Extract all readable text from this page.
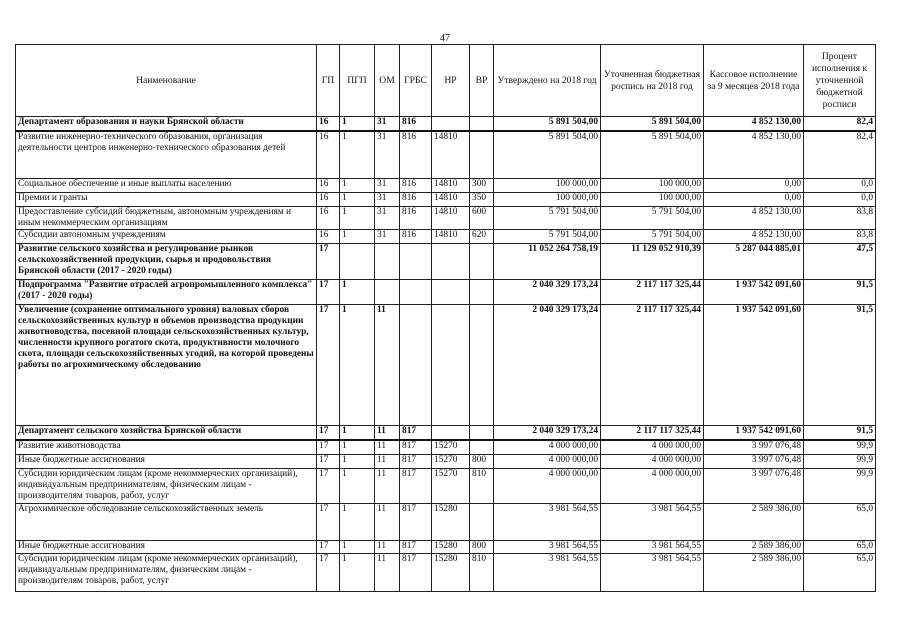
47
Наименование	ГП	ПГП	ОМ	ГРБС	НР	ВР	Утверждено на 2018 год	Уточненная бюджетная роспись на 2018 год	Кассовое исполнение за 9 месяцев 2018 года	Процент исполнения к уточненной бюджетной росписи
Департамент образования и науки Брянской области	16	1	31	816			5 891 504,00	5 891 504,00	4 852 130,00	82,4
Развитие инженерно-технического образования, организация деятельности центров инженерно-технического образования детей	16	1	31	816	14810		5 891 504,00	5 891 504,00	4 852 130,00	82,4
Социальное обеспечение и иные выплаты населению	16	1	31	816	14810	300	100 000,00	100 000,00	0,00	0,0
Премии и гранты	16	1	31	816	14810	350	100 000,00	100 000,00	0,00	0,0
Предоставление субсидий бюджетным, автономным учреждениям и иным некоммерческим организациям	16	1	31	816	14810	600	5 791 504,00	5 791 504,00	4 852 130,00	83,8
Субсидии автономным учреждениям	16	1	31	816	14810	620	5 791 504,00	5 791 504,00	4 852 130,00	83,8
Развитие сельского хозяйства и регулирование рынков сельскохозяйственной продукции, сырья и продовольствия Брянской области (2017 - 2020 годы)	17						11 052 264 758,19	11 129 052 910,39	5 287 044 885,01	47,5
Подпрограмма "Развитие отраслей агропромышленного комплекса" (2017 - 2020 годы)	17	1					2 040 329 173,24	2 117 117 325,44	1 937 542 091,60	91,5
Увеличение (сохранение оптимального уровня) валовых сборов сельскохозяйственных культур и объемов производства продукции животноводства, посевной площади сельскохозяйственных культур, численности крупного рогатого скота, продуктивности молочного скота, площади сельскохозяйственных угодий, на которой проведены работы по агрохимическому обследованию	17	1	11				2 040 329 173,24	2 117 117 325,44	1 937 542 091,60	91,5
Департамент сельского хозяйства Брянской области	17	1	11	817			2 040 329 173,24	2 117 117 325,44	1 937 542 091,60	91,5
Развитие животноводства	17	1	11	817	15270		4 000 000,00	4 000 000,00	3 997 076,48	99,9
Иные бюджетные ассигнования	17	1	11	817	15270	800	4 000 000,00	4 000 000,00	3 997 076,48	99,9
Субсидии юридическим лицам (кроме некоммерческих организаций), индивидуальным предпринимателям, физическим лицам - производителям товаров, работ, услуг	17	1	11	817	15270	810	4 000 000,00	4 000 000,00	3 997 076,48	99,9
Агрохимическое обследование сельскохозяйственных земель	17	1	11	817	15280		3 981 564,55	3 981 564,55	2 589 386,00	65,0
Иные бюджетные ассигнования	17	1	11	817	15280	800	3 981 564,55	3 981 564,55	2 589 386,00	65,0
Субсидии юридическим лицам (кроме некоммерческих организаций), индивидуальным предпринимателям, физическим лицам - производителям товаров, работ, услуг	17	1	11	817	15280	810	3 981 564,55	3 981 564,55	2 589 386,00	65,0
